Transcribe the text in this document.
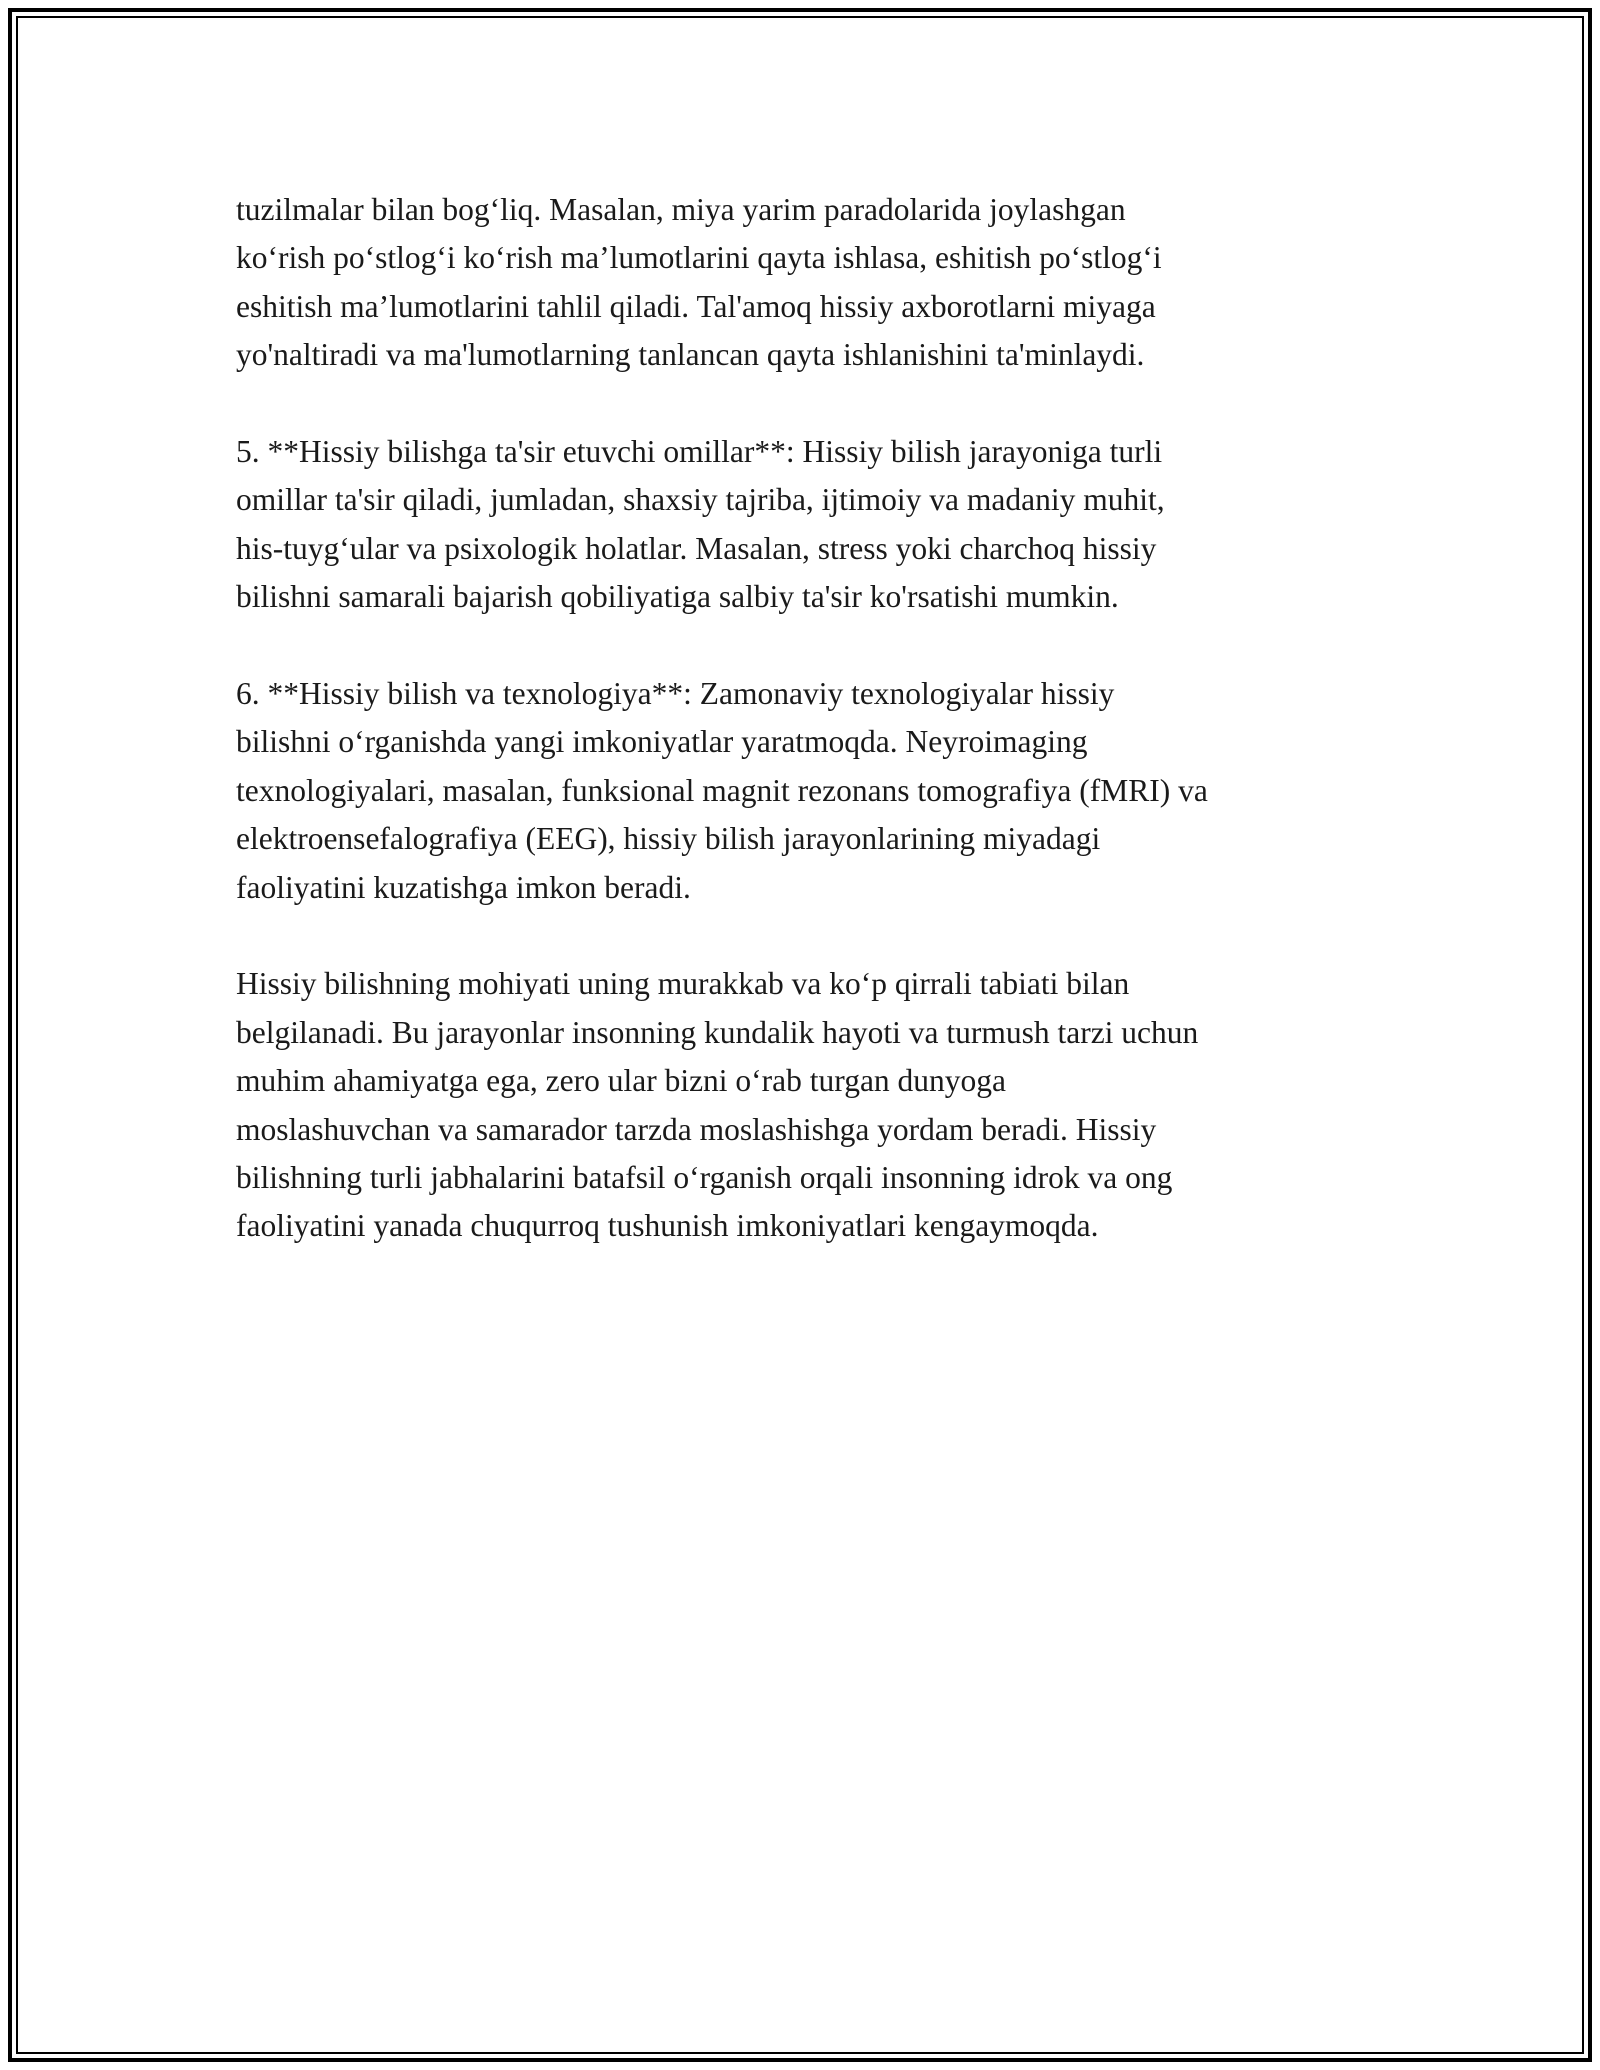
tuzilmalar bilan bog‘liq. Masalan, miya yarim paradolarida joylashgan
ko‘rish po‘stlog‘i ko‘rish ma’lumotlarini qayta ishlasa, eshitish po‘stlog‘i
eshitish ma’lumotlarini tahlil qiladi. Tal'amoq hissiy axborotlarni miyaga
yo'naltiradi va ma'lumotlarning tanlancan qayta ishlanishini ta'minlaydi.

5. **Hissiy bilishga ta'sir etuvchi omillar**: Hissiy bilish jarayoniga turli
omillar ta'sir qiladi, jumladan, shaxsiy tajriba, ijtimoiy va madaniy muhit,
his-tuyg‘ular va psixologik holatlar. Masalan, stress yoki charchoq hissiy
bilishni samarali bajarish qobiliyatiga salbiy ta'sir ko'rsatishi mumkin.

6. **Hissiy bilish va texnologiya**: Zamonaviy texnologiyalar hissiy
bilishni o‘rganishda yangi imkoniyatlar yaratmoqda. Neyroimaging
texnologiyalari, masalan, funksional magnit rezonans tomografiya (fMRI) va
elektroensefalografiya (EEG), hissiy bilish jarayonlarining miyadagi
faoliyatini kuzatishga imkon beradi.

Hissiy bilishning mohiyati uning murakkab va ko‘p qirrali tabiati bilan
belgilanadi. Bu jarayonlar insonning kundalik hayoti va turmush tarzi uchun
muhim ahamiyatga ega, zero ular bizni o‘rab turgan dunyoga
moslashuvchan va samarador tarzda moslashishga yordam beradi. Hissiy
bilishning turli jabhalarini batafsil o‘rganish orqali insonning idrok va ong
faoliyatini yanada chuqurroq tushunish imkoniyatlari kengaymoqda.
